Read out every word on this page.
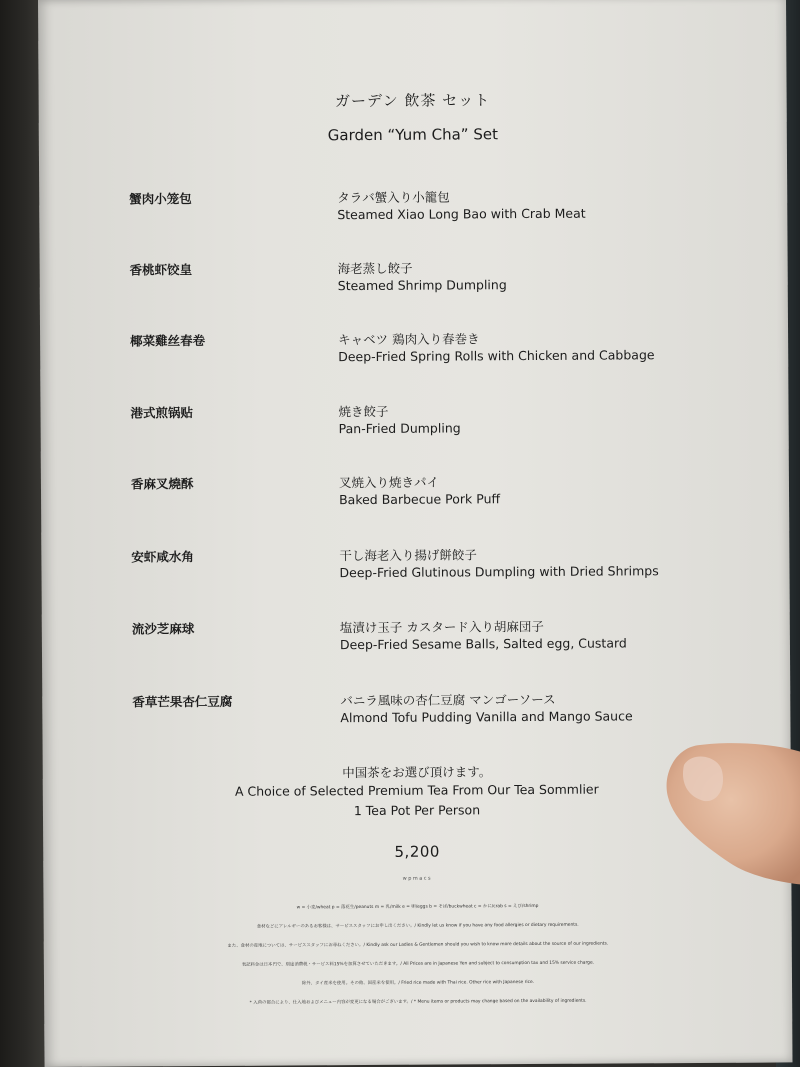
ガーデン 飲茶 セット
Garden “Yum Cha” Set
蟹肉小笼包	タラバ蟹入り小籠包
Steamed Xiao Long Bao with Crab Meat
香桃虾饺皇	海老蒸し餃子
Steamed Shrimp Dumpling
椰菜雞丝春卷	キャベツ 鶏肉入り春巻き
Deep-Fried Spring Rolls with Chicken and Cabbage
港式煎锅贴	焼き餃子
Pan-Fried Dumpling
香麻叉燒酥	叉焼入り焼きパイ
Baked Barbecue Pork Puff
安虾咸水角	干し海老入り揚げ餅餃子
Deep-Fried Glutinous Dumpling with Dried Shrimps
流沙芝麻球	塩漬け玉子 カスタード入り胡麻団子
Deep-Fried Sesame Balls, Salted egg, Custard
香草芒果杏仁豆腐	バニラ風味の杏仁豆腐 マンゴーソース
Almond Tofu Pudding Vanilla and Mango Sauce
中国茶をお選び頂けます。
A Choice of Selected Premium Tea From Our Tea Sommlier
1 Tea Pot Per Person
5,200
wpmacs
w = 小麦/wheat p = 落花生/peanuts m = 乳/milk e = 卵/eggs b = そば/buckwheat c = かに/crab s = えび/shrimp
食材などにアレルギーのあるお客様は、サービススタッフにお申し出ください。/ Kindly let us know if you have any food allergies or dietary requirements.
また、食材の産地については、サービススタッフにお尋ねください。/ Kindly ask our Ladies & Gentlemen should you wish to know more details about the source of our ingredients.
表記料金は日本円で、別途消費税・サービス料15%を加算させていただきます。/ All Prices are in Japanese Yen and subject to consumption tax and 15% service charge.
除外、タイ産米を使用。その他、国産米を使用。/ Fried rice made with Thai rice. Other rice with Japanese rice.
* 入荷の都合により、仕入地およびメニュー内容が変更になる場合がございます。/ * Menu items or products may change based on the availability of ingredients.
